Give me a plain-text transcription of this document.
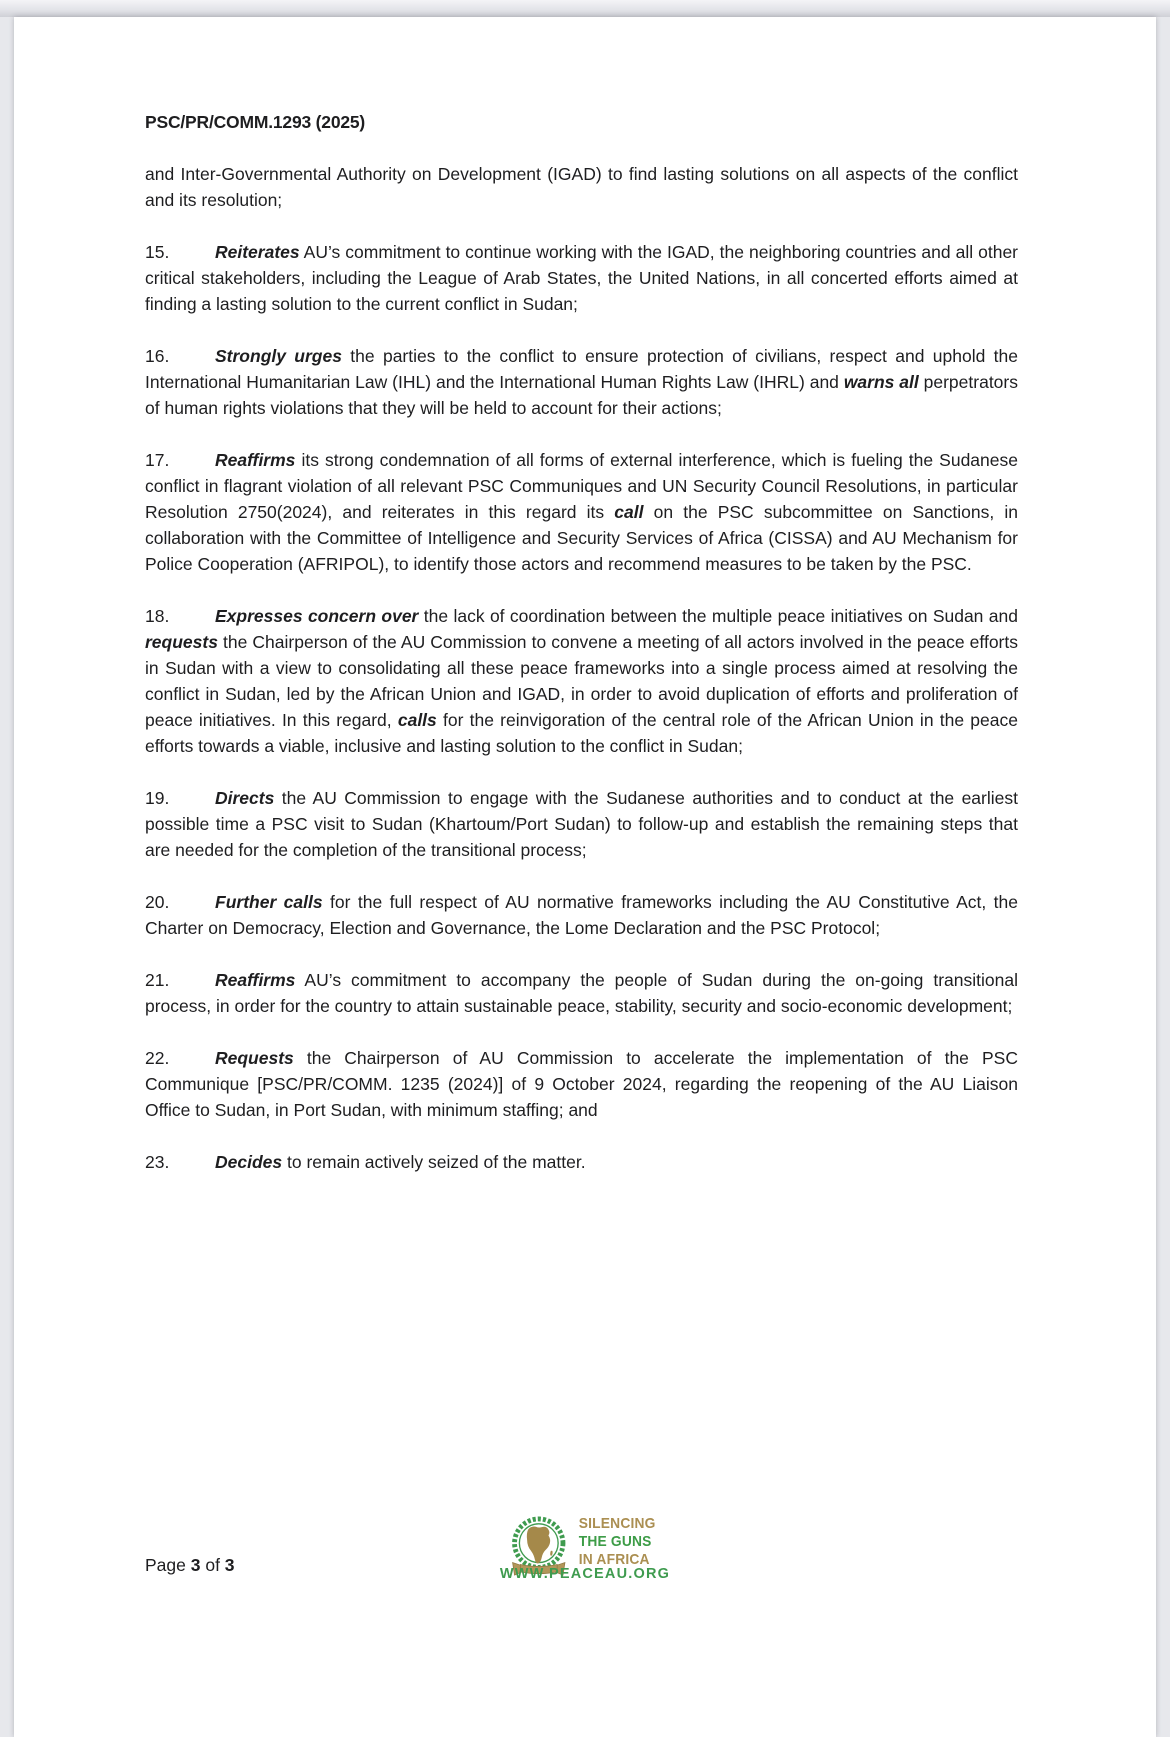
PSC/PR/COMM.1293 (2025)

and Inter-Governmental Authority on Development (IGAD) to find lasting solutions on all aspects of the conflict and its resolution;

15.	Reiterates AU’s commitment to continue working with the IGAD, the neighboring countries and all other critical stakeholders, including the League of Arab States, the United Nations, in all concerted efforts aimed at finding a lasting solution to the current conflict in Sudan;

16.	Strongly urges the parties to the conflict to ensure protection of civilians, respect and uphold the International Humanitarian Law (IHL) and the International Human Rights Law (IHRL) and warns all perpetrators of human rights violations that they will be held to account for their actions;

17.	Reaffirms its strong condemnation of all forms of external interference, which is fueling the Sudanese conflict in flagrant violation of all relevant PSC Communiques and UN Security Council Resolutions, in particular Resolution 2750(2024), and reiterates in this regard its call on the PSC subcommittee on Sanctions, in collaboration with the Committee of Intelligence and Security Services of Africa (CISSA) and AU Mechanism for Police Cooperation (AFRIPOL), to identify those actors and recommend measures to be taken by the PSC.

18.	Expresses concern over the lack of coordination between the multiple peace initiatives on Sudan and requests the Chairperson of the AU Commission to convene a meeting of all actors involved in the peace efforts in Sudan with a view to consolidating all these peace frameworks into a single process aimed at resolving the conflict in Sudan, led by the African Union and IGAD, in order to avoid duplication of efforts and proliferation of peace initiatives. In this regard, calls for the reinvigoration of the central role of the African Union in the peace efforts towards a viable, inclusive and lasting solution to the conflict in Sudan;

19.	Directs the AU Commission to engage with the Sudanese authorities and to conduct at the earliest possible time a PSC visit to Sudan (Khartoum/Port Sudan) to follow-up and establish the remaining steps that are needed for the completion of the transitional process;

20.	Further calls for the full respect of AU normative frameworks including the AU Constitutive Act, the Charter on Democracy, Election and Governance, the Lome Declaration and the PSC Protocol;

21.	Reaffirms AU’s commitment to accompany the people of Sudan during the on-going transitional process, in order for the country to attain sustainable peace, stability, security and socio-economic development;

22.	Requests the Chairperson of AU Commission to accelerate the implementation of the PSC Communique [PSC/PR/COMM. 1235 (2024)] of 9 October 2024, regarding the reopening of the AU Liaison Office to Sudan, in Port Sudan, with minimum staffing; and

23.	Decides to remain actively seized of the matter.

Page 3 of 3
SILENCING
THE GUNS
IN AFRICA
WWW.PEACEAU.ORG
